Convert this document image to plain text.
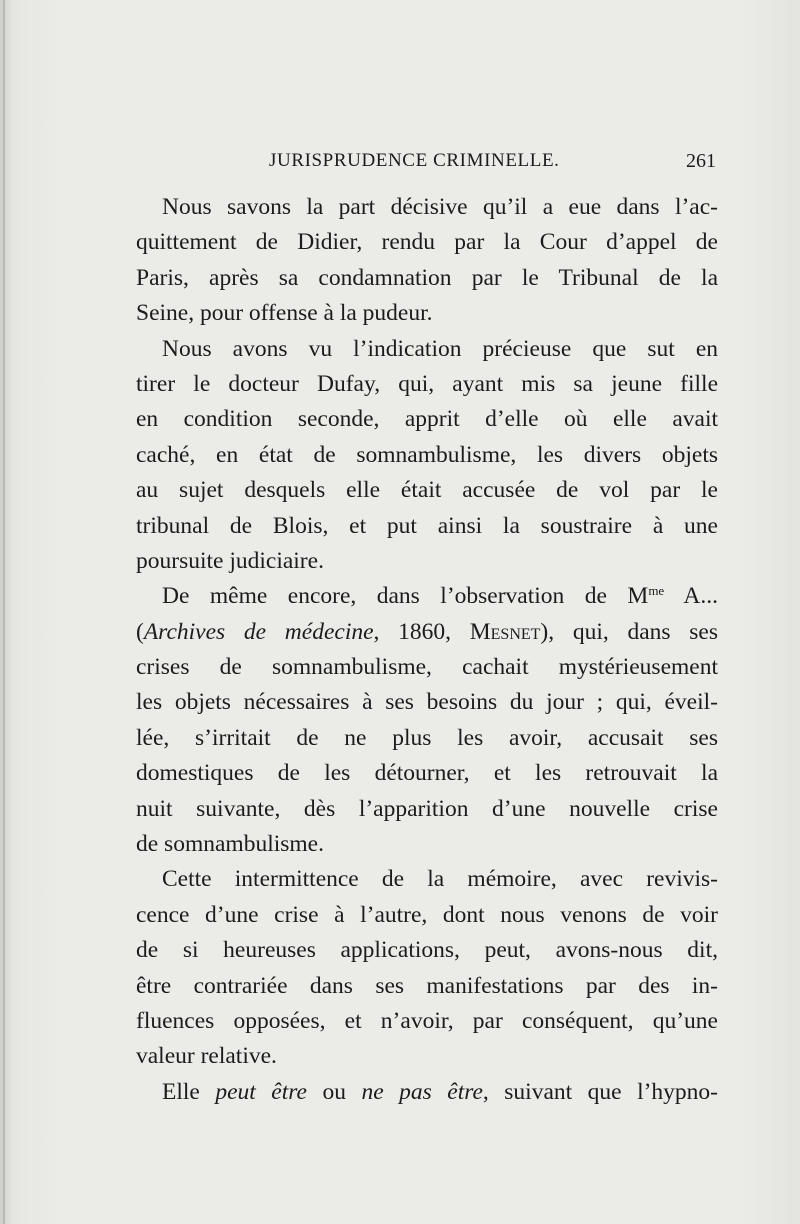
JURISPRUDENCE CRIMINELLE.	261
Nous savons la part décisive qu’il a eue dans l’ac-
quittement de Didier, rendu par la Cour d’appel de
Paris, après sa condamnation par le Tribunal de la
Seine, pour offense à la pudeur.
Nous avons vu l’indication précieuse que sut en
tirer le docteur Dufay, qui, ayant mis sa jeune fille
en condition seconde, apprit d’elle où elle avait
caché, en état de somnambulisme, les divers objets
au sujet desquels elle était accusée de vol par le
tribunal de Blois, et put ainsi la soustraire à une
poursuite judiciaire.
De même encore, dans l’observation de $M^{me}$ A...
(Archives de médecine, 1860, Mesnet), qui, dans ses
crises de somnambulisme, cachait mystérieusement
les objets nécessaires à ses besoins du jour ; qui, éveil-
lée, s’irritait de ne plus les avoir, accusait ses
domestiques de les détourner, et les retrouvait la
nuit suivante, dès l’apparition d’une nouvelle crise
de somnambulisme.
Cette intermittence de la mémoire, avec revivis-
cence d’une crise à l’autre, dont nous venons de voir
de si heureuses applications, peut, avons-nous dit,
être contrariée dans ses manifestations par des in-
fluences opposées, et n’avoir, par conséquent, qu’une
valeur relative.
Elle peut être ou ne pas être, suivant que l’hypno-
